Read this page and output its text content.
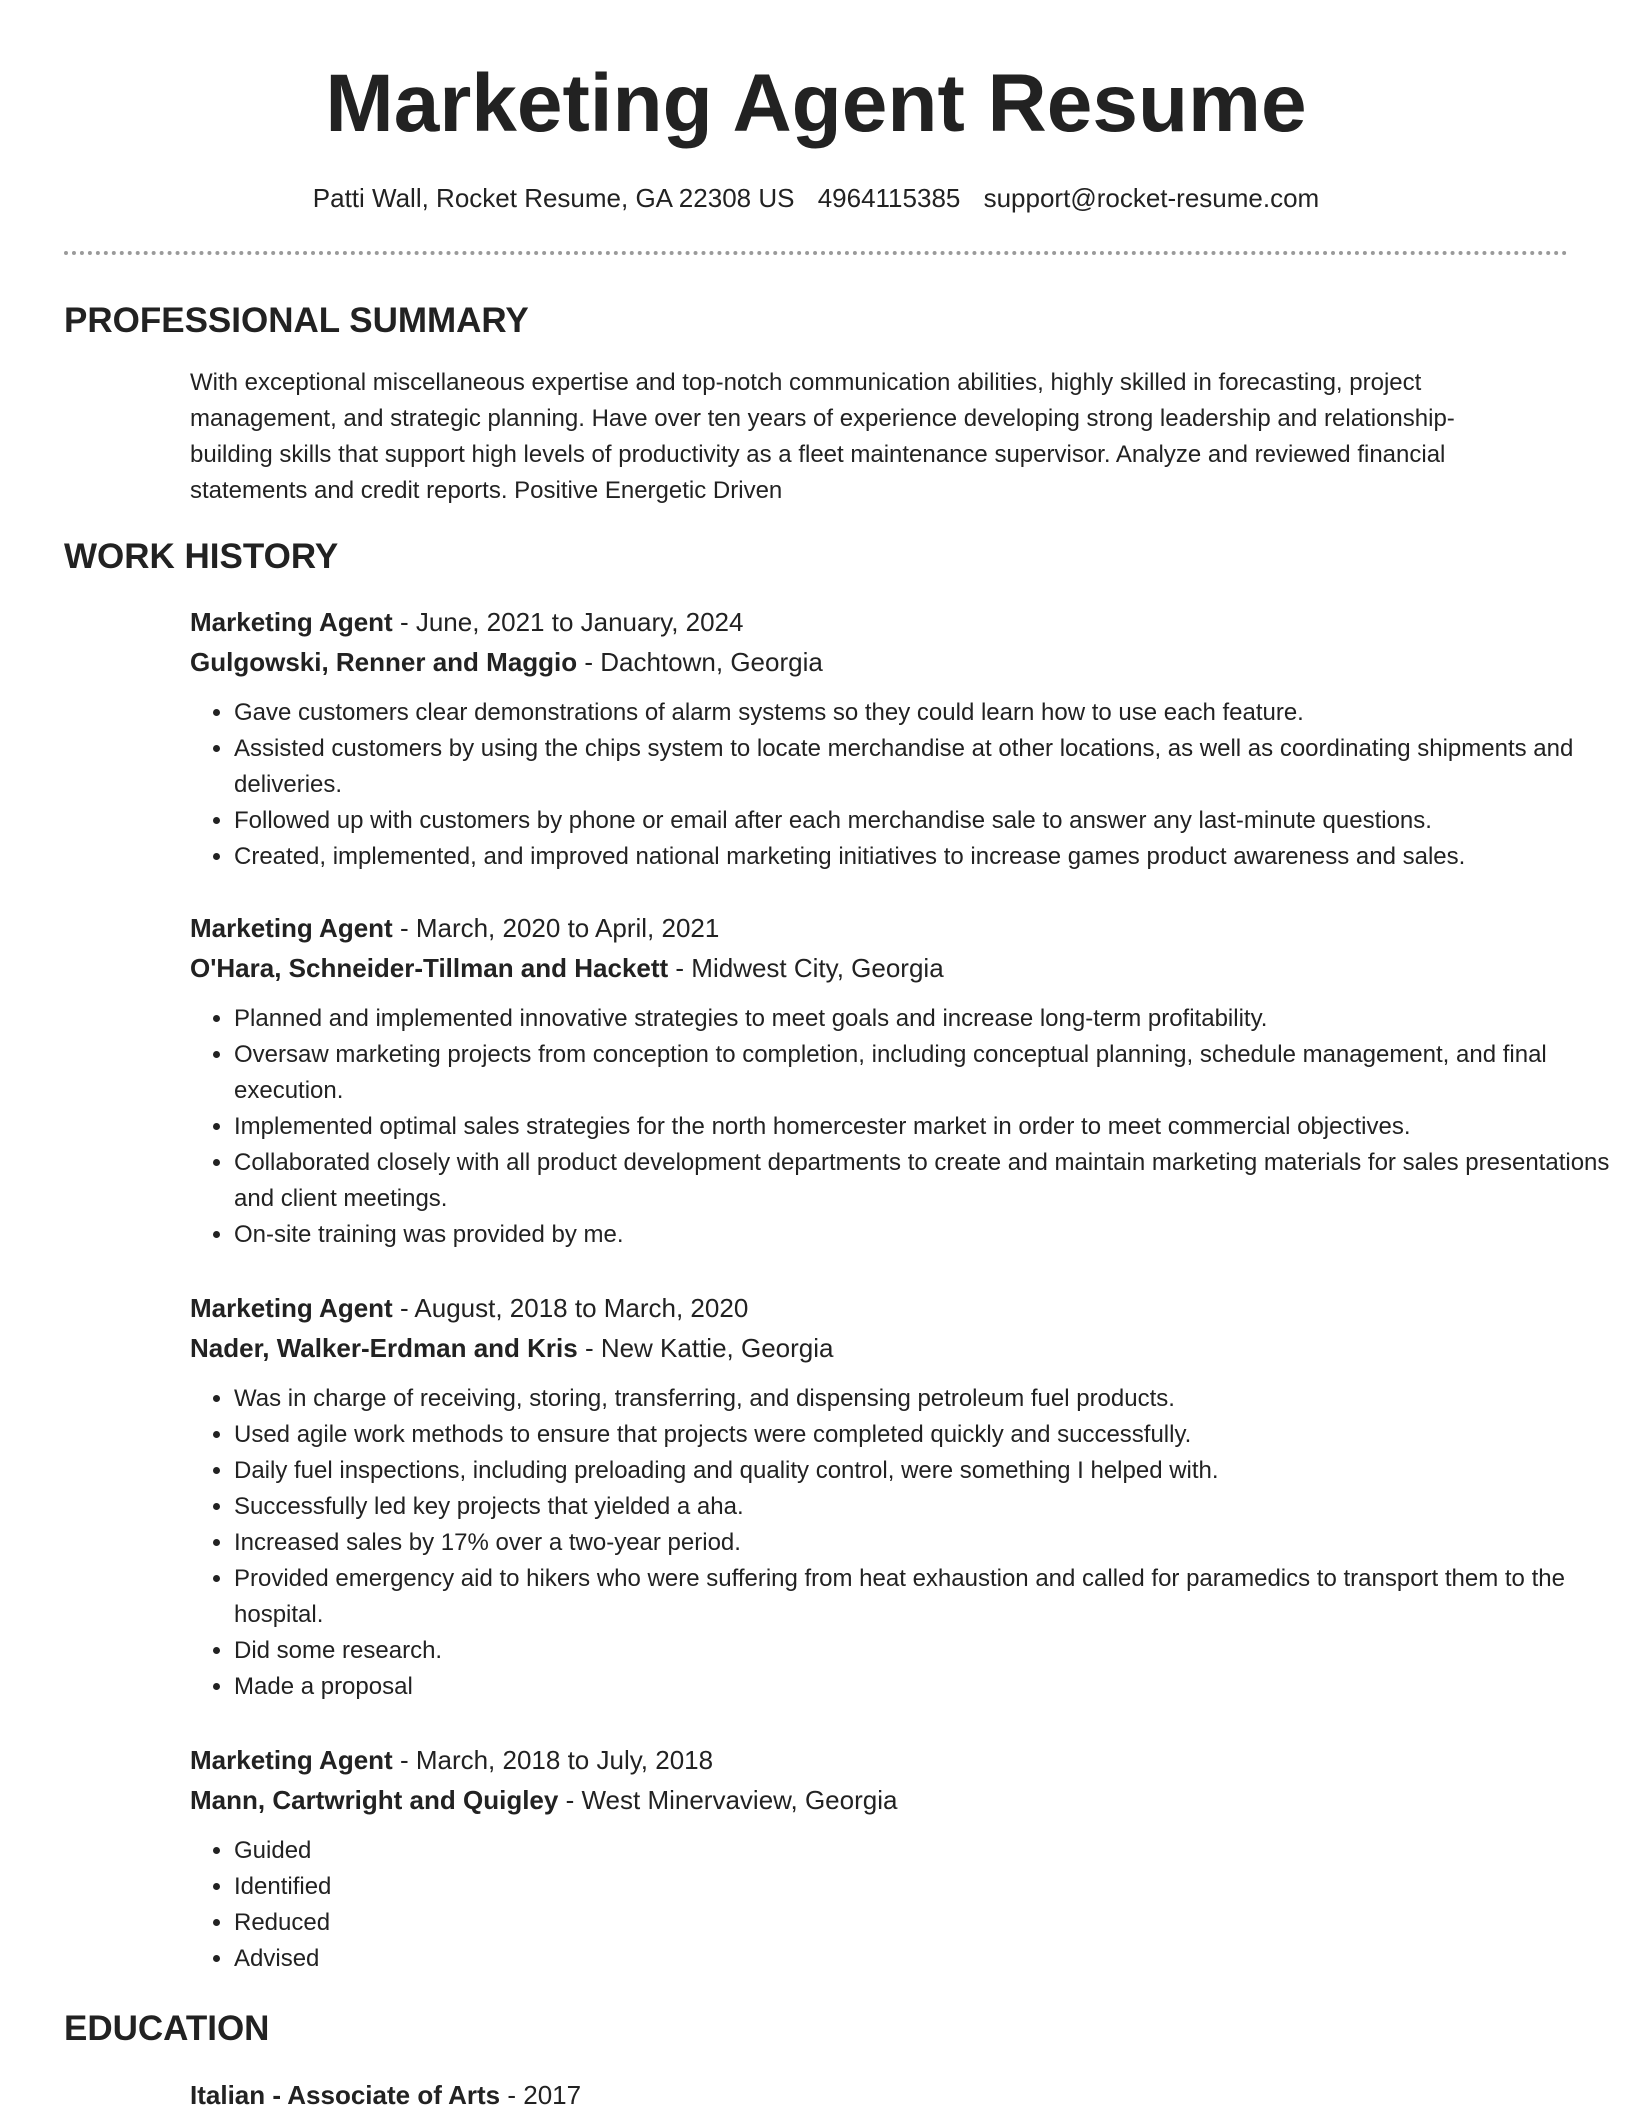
Marketing Agent Resume
Patti Wall, Rocket Resume, GA 22308 US 4964115385 support@rocket-resume.com
PROFESSIONAL SUMMARY

With exceptional miscellaneous expertise and top-notch communication abilities, highly skilled in forecasting, project management, and strategic planning. Have over ten years of experience developing strong leadership and relationship-building skills that support high levels of productivity as a fleet maintenance supervisor. Analyze and reviewed financial statements and credit reports. Positive Energetic Driven

WORK HISTORY
Marketing Agent - June, 2021 to January, 2024
Gulgowski, Renner and Maggio - Dachtown, Georgia
• Gave customers clear demonstrations of alarm systems so they could learn how to use each feature.
• Assisted customers by using the chips system to locate merchandise at other locations, as well as coordinating shipments and deliveries.
• Followed up with customers by phone or email after each merchandise sale to answer any last-minute questions.
• Created, implemented, and improved national marketing initiatives to increase games product awareness and sales.
Marketing Agent - March, 2020 to April, 2021
O'Hara, Schneider-Tillman and Hackett - Midwest City, Georgia
• Planned and implemented innovative strategies to meet goals and increase long-term profitability.
• Oversaw marketing projects from conception to completion, including conceptual planning, schedule management, and final execution.
• Implemented optimal sales strategies for the north homercester market in order to meet commercial objectives.
• Collaborated closely with all product development departments to create and maintain marketing materials for sales presentations and client meetings.
• On-site training was provided by me.
Marketing Agent - August, 2018 to March, 2020
Nader, Walker-Erdman and Kris - New Kattie, Georgia
• Was in charge of receiving, storing, transferring, and dispensing petroleum fuel products.
• Used agile work methods to ensure that projects were completed quickly and successfully.
• Daily fuel inspections, including preloading and quality control, were something I helped with.
• Successfully led key projects that yielded a aha.
• Increased sales by 17% over a two-year period.
• Provided emergency aid to hikers who were suffering from heat exhaustion and called for paramedics to transport them to the hospital.
• Did some research.
• Made a proposal
Marketing Agent - March, 2018 to July, 2018
Mann, Cartwright and Quigley - West Minervaview, Georgia
• Guided
• Identified
• Reduced
• Advised
EDUCATION
Italian - Associate of Arts - 2017
